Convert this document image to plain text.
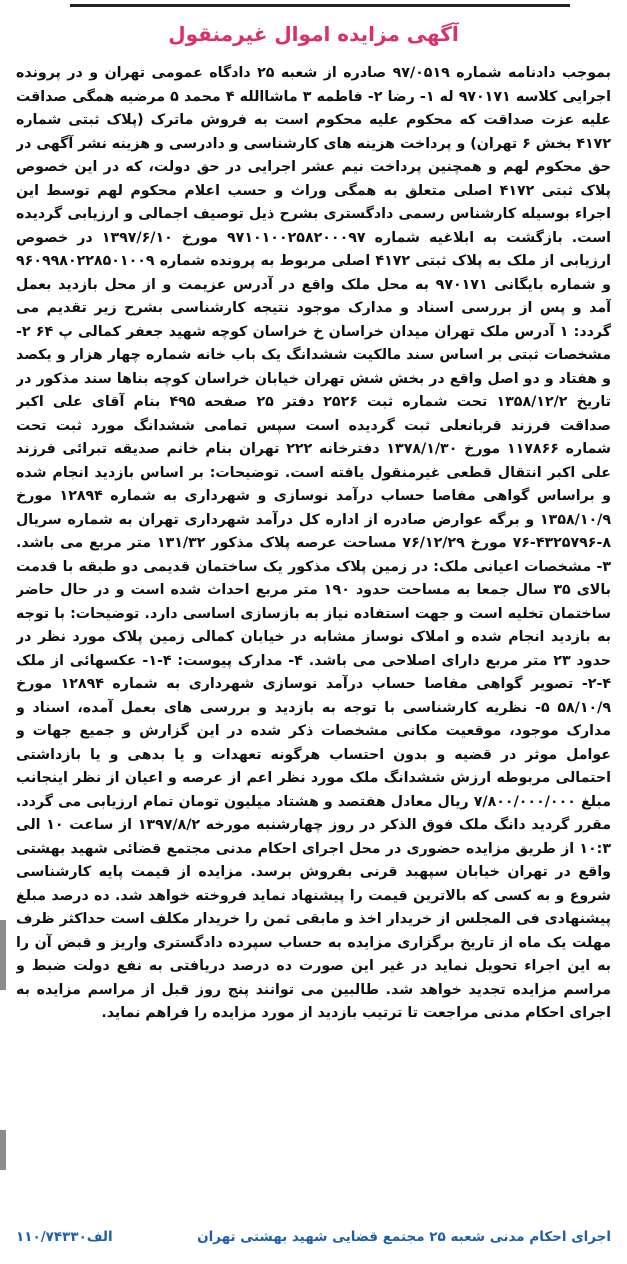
آگهی مزایده اموال غیرمنقول
بموجب دادنامه شماره ۹۷/۰۵۱۹ صادره از شعبه ۲۵ دادگاه عمومی تهران و در پرونده اجرایی کلاسه ۹۷۰۱۷۱ له ۱- رضا ۲- فاطمه ۳ ماشاالله ۴ محمد ۵ مرضیه همگی صداقت علیه عزت صداقت که محکوم علیه محکوم است به فروش ماترک (پلاک ثبتی شماره ۴۱۷۲ بخش ۶ تهران) و پرداخت هزینه های کارشناسی و دادرسی و هزینه نشر آگهی در حق محکوم لهم و همچنین پرداخت نیم عشر اجرایی در حق دولت، که در این خصوص پلاک ثبتی ۴۱۷۲ اصلی متعلق به همگی وراث و حسب اعلام محکوم لهم توسط این اجراء بوسیله کارشناس رسمی دادگستری بشرح ذیل توصیف اجمالی و ارزیابی گردیده است. بازگشت به ابلاغیه شماره ۹۷۱۰۱۰۰۲۵۸۲۰۰۰۹۷ مورخ ۱۳۹۷/۶/۱۰ در خصوص ارزیابی از ملک به پلاک ثبتی ۴۱۷۲ اصلی مربوط به پرونده شماره ۹۶۰۹۹۸۰۲۲۸۵۰۱۰۰۹ و شماره بایگانی ۹۷۰۱۷۱ به محل ملک واقع در آدرس عزیمت و از محل بازدید بعمل آمد و پس از بررسی اسناد و مدارک موجود نتیجه کارشناسی بشرح زیر تقدیم می گردد: ۱ آدرس ملک تهران میدان خراسان خ خراسان کوچه شهید جعفر کمالی پ ۶۴ ۲- مشخصات ثبتی بر اساس سند مالکیت ششدانگ یک باب خانه شماره چهار هزار و یکصد و هفتاد و دو اصل واقع در بخش شش تهران خیابان خراسان کوچه بناها سند مذکور در تاریخ ۱۳۵۸/۱۲/۲ تحت شماره ثبت ۲۵۲۶ دفتر ۲۵ صفحه ۴۹۵ بنام آقای علی اکبر صداقت فرزند قربانعلی ثبت گردیده است سپس تمامی ششدانگ مورد ثبت تحت شماره ۱۱۷۸۶۶ مورخ ۱۳۷۸/۱/۳۰ دفترخانه ۲۲۲ تهران بنام خانم صدیقه تبرائی فرزند علی اکبر انتقال قطعی غیرمنقول یافته است. توضیحات: بر اساس بازدید انجام شده و براساس گواهی مفاصا حساب درآمد نوسازی و شهرداری به شماره ۱۲۸۹۴ مورخ ۱۳۵۸/۱۰/۹ و برگه عوارض صادره از اداره کل درآمد شهرداری تهران به شماره سریال ۸-۴۳۲۵۷۹۶-۷۶ مورخ ۷۶/۱۲/۲۹ مساحت عرصه پلاک مذکور ۱۳۱/۳۲ متر مربع می باشد. ۳- مشخصات اعیانی ملک: در زمین پلاک مذکور یک ساختمان قدیمی دو طبقه با قدمت بالای ۳۵ سال جمعا به مساحت حدود ۱۹۰ متر مربع احداث شده است و در حال حاضر ساختمان تخلیه است و جهت استفاده نیاز به بازسازی اساسی دارد. توضیحات: با توجه به بازدید انجام شده و املاک نوساز مشابه در خیابان کمالی زمین پلاک مورد نظر در حدود ۲۳ متر مربع دارای اصلاحی می باشد. ۴- مدارک پیوست: ۴-۱- عکسهائی از ملک ۴-۲- تصویر گواهی مفاصا حساب درآمد نوسازی شهرداری به شماره ۱۲۸۹۴ مورخ ۵۸/۱۰/۹ ۵- نظریه کارشناسی با توجه به بازدید و بررسی های بعمل آمده، اسناد و مدارک موجود، موقعیت مکانی مشخصات ذکر شده در این گزارش و جمیع جهات و عوامل موثر در قضیه و بدون احتساب هرگونه تعهدات و یا بدهی و یا بازداشتی احتمالی مربوطه ارزش ششدانگ ملک مورد نظر اعم از عرصه و اعیان از نظر اینجانب مبلغ ۷/۸۰۰/۰۰۰/۰۰۰ ریال معادل هفتصد و هشتاد میلیون تومان تمام ارزیابی می گردد. مقرر گردید دانگ ملک فوق الذکر در روز چهارشنبه مورخه ۱۳۹۷/۸/۲ از ساعت ۱۰ الی ۱۰:۳ از طریق مزایده حضوری در محل اجرای احکام مدنی مجتمع قضائی شهید بهشتی واقع در تهران خیابان سپهبد قرنی بفروش برسد. مزایده از قیمت پایه کارشناسی شروع و به کسی که بالاترین قیمت را پیشنهاد نماید فروخته خواهد شد. ده درصد مبلغ پیشنهادی فی المجلس از خریدار اخذ و مابقی ثمن را خریدار مکلف است حداکثر ظرف مهلت یک ماه از تاریخ برگزاری مزایده به حساب سپرده دادگستری واریز و قبض آن را به این اجراء تحویل نماید در غیر این صورت ده درصد دریافتی به نفع دولت ضبط و مراسم مزایده تجدید خواهد شد. طالبین می توانند پنج روز قبل از مراسم مزایده به اجرای احکام مدنی مراجعت تا ترتیب بازدید از مورد مزایده را فراهم نماید.
اجرای احکام مدنی شعبه ۲۵ مجتمع قضایی شهید بهشتی تهران
۱۱۰/۷۴۳۳۰الف
